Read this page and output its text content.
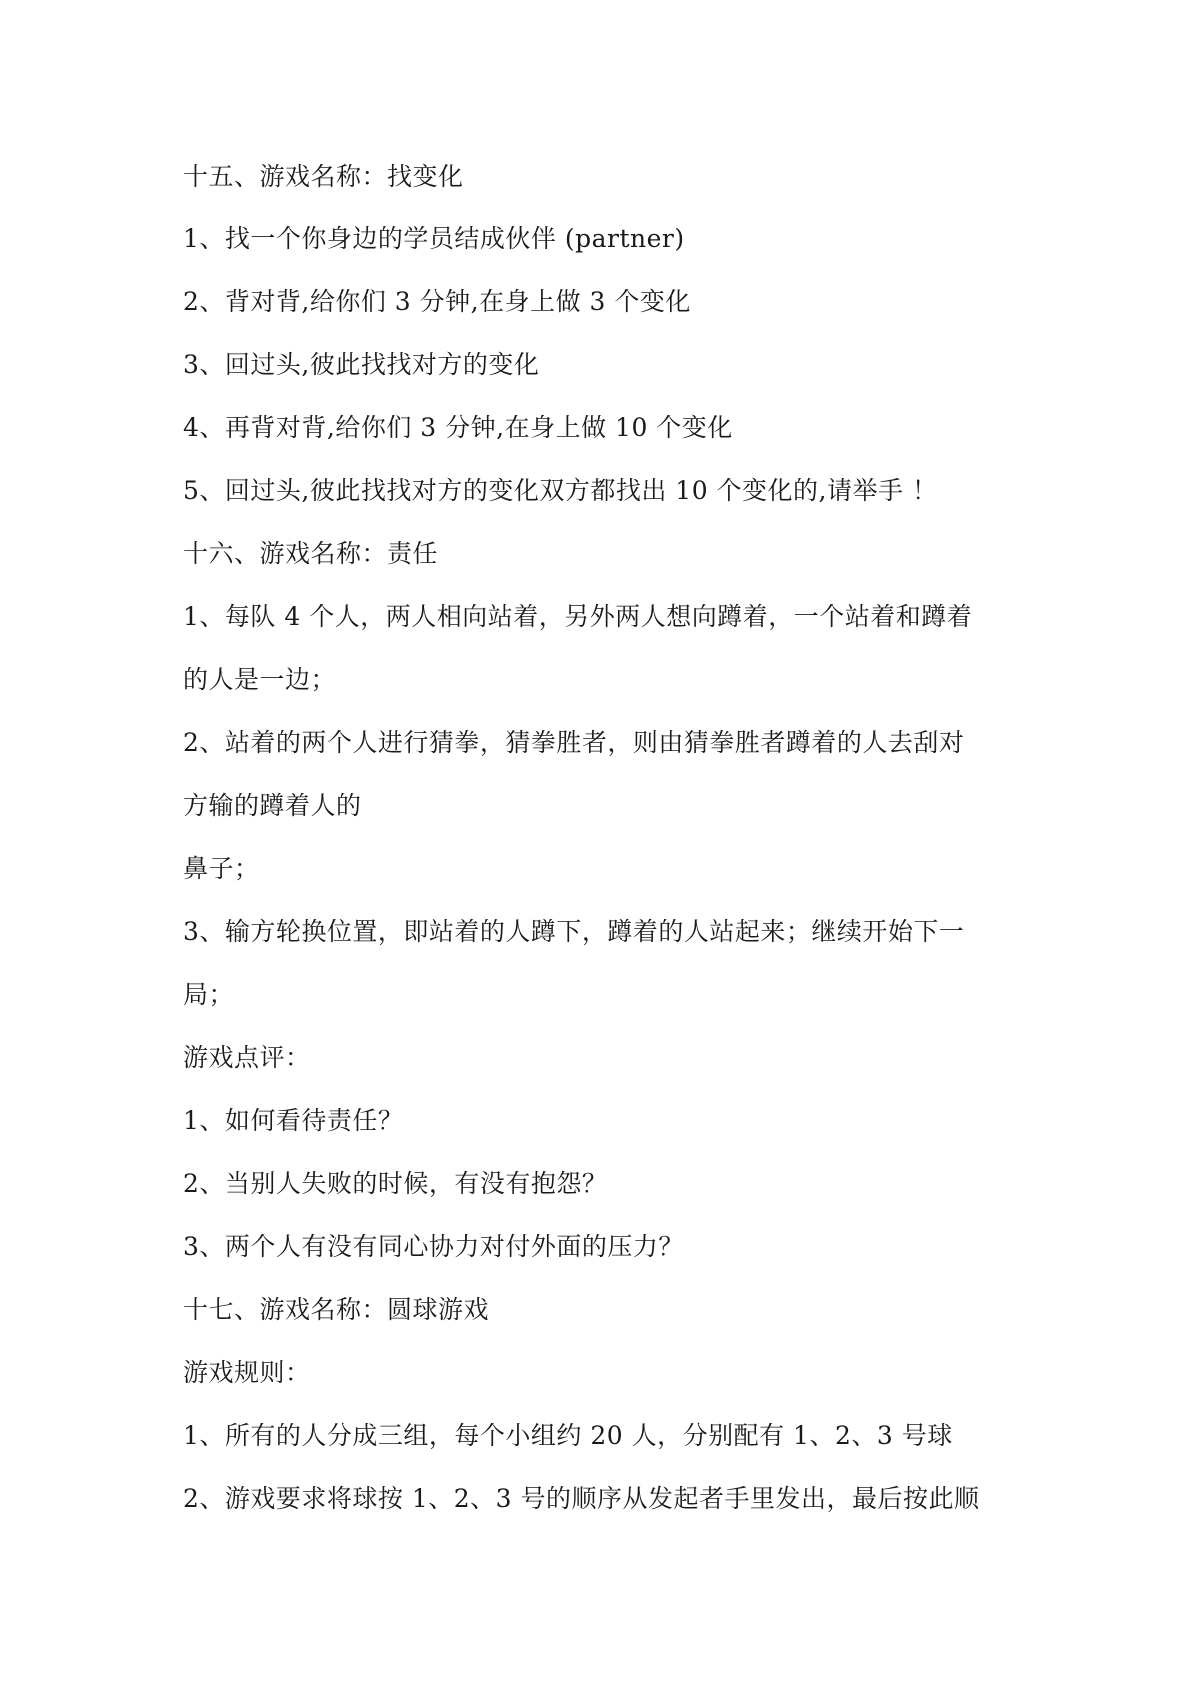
十五、游戏名称：找变化
1、找一个你身边的学员结成伙伴 (partner)
2、背对背,给你们 3 分钟,在身上做 3 个变化
3、回过头,彼此找找对方的变化
4、再背对背,给你们 3 分钟,在身上做 10 个变化
5、回过头,彼此找找对方的变化双方都找出 10 个变化的,请举手 ！
十六、游戏名称：责任
1、每队 4 个人，两人相向站着，另外两人想向蹲着，一个站着和蹲着
的人是一边；
2、站着的两个人进行猜拳，猜拳胜者，则由猜拳胜者蹲着的人去刮对
方输的蹲着人的
鼻子；
3、输方轮换位置，即站着的人蹲下，蹲着的人站起来；继续开始下一
局；
游戏点评：
1、如何看待责任？
2、当别人失败的时候，有没有抱怨？
3、两个人有没有同心协力对付外面的压力？
十七、游戏名称：圆球游戏
游戏规则：
1、所有的人分成三组，每个小组约 20 人，分别配有 1、2、3 号球
2、游戏要求将球按 1、2、3 号的顺序从发起者手里发出，最后按此顺
